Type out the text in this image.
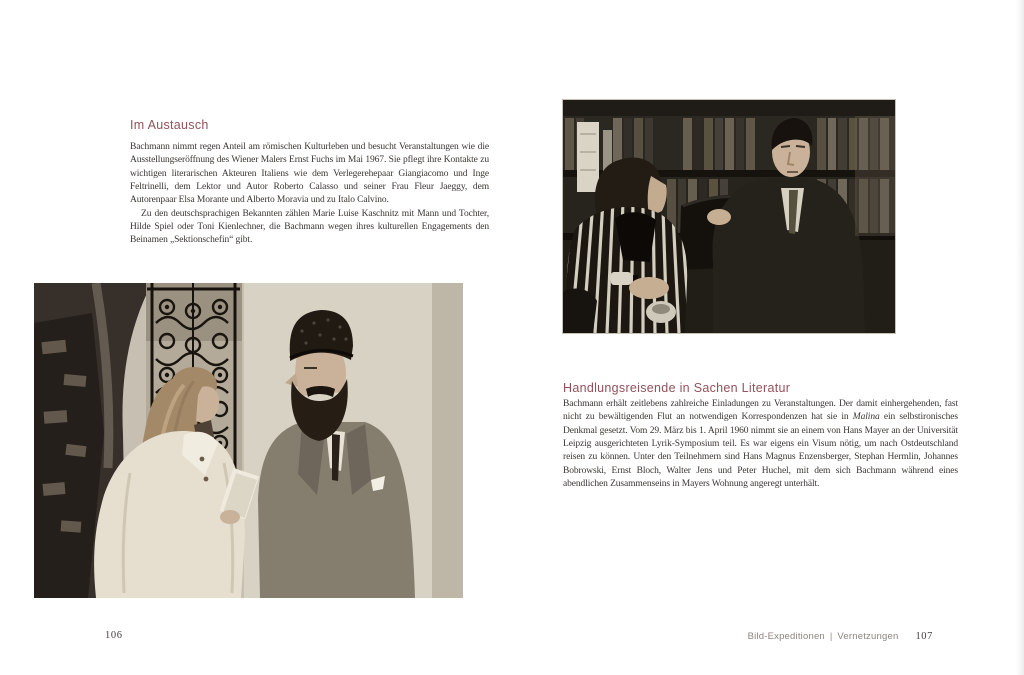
Im Austausch

Bachmann nimmt regen Anteil am römischen Kulturleben und besucht Veranstaltungen wie die Ausstellungseröffnung des Wiener Malers Ernst Fuchs im Mai 1967. Sie pflegt ihre Kontakte zu wichtigen literarischen Akteuren Italiens wie dem Verlegerehepaar Giangiacomo und Inge Feltrinelli, dem Lektor und Autor Roberto Calasso und seiner Frau Fleur Jaeggy, dem Autorenpaar Elsa Morante und Alberto Moravia und zu Italo Calvino.

Zu den deutschsprachigen Bekannten zählen Marie Luise Kaschnitz mit Mann und Tochter, Hilde Spiel oder Toni Kienlechner, die Bachmann wegen ihres kulturellen Engagements den Beinamen „Sektionschefin“ gibt.

Handlungsreisende in Sachen Literatur

Bachmann erhält zeitlebens zahlreiche Einladungen zu Veranstaltungen. Der damit einhergehenden, fast nicht zu bewältigenden Flut an notwendigen Korrespondenzen hat sie in Malina ein selbstironisches Denkmal gesetzt. Vom 29. März bis 1. April 1960 nimmt sie an einem von Hans Mayer an der Universität Leipzig ausgerichteten Lyrik-Symposium teil. Es war eigens ein Visum nötig, um nach Ostdeutschland reisen zu können. Unter den Teilnehmern sind Hans Magnus Enzensberger, Stephan Hermlin, Johannes Bobrowski, Ernst Bloch, Walter Jens und Peter Huchel, mit dem sich Bachmann während eines abendlichen Zusammenseins in Mayers Wohnung angeregt unterhält.

106	Bild-Expeditionen | Vernetzungen 107
